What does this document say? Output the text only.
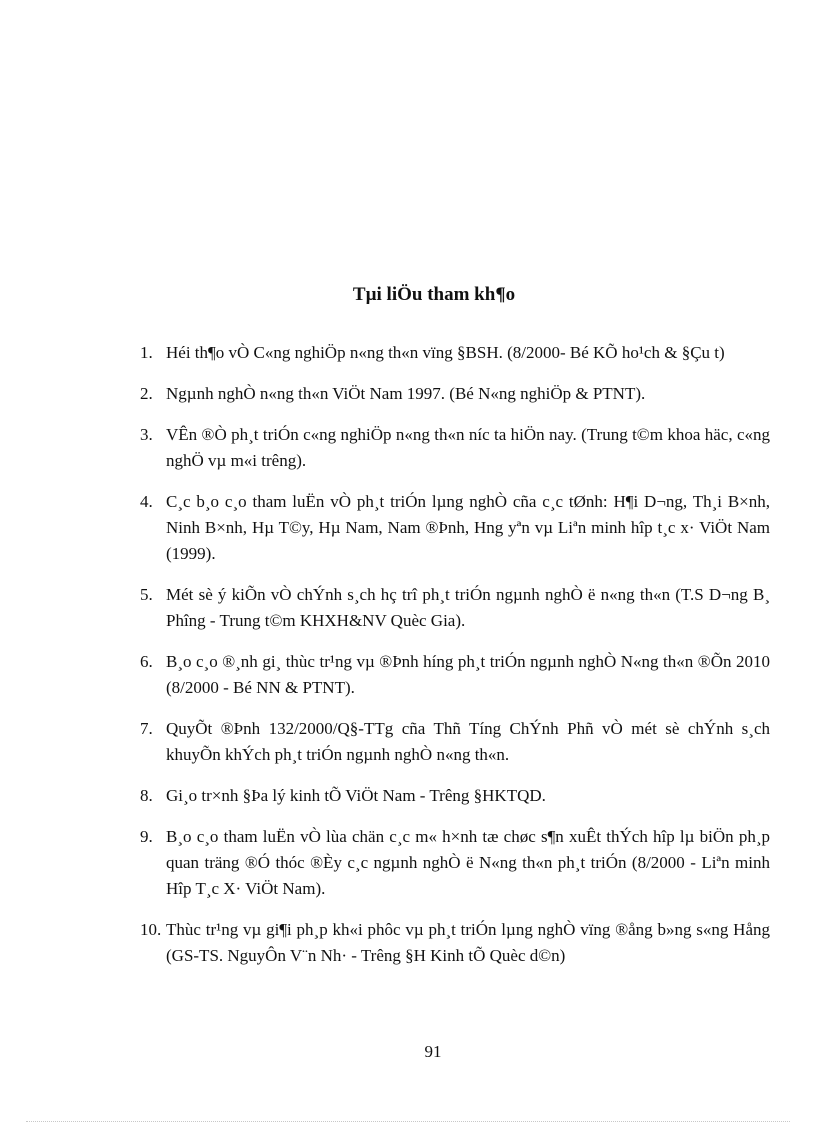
Tµi liÖu tham kh¶o
1. Héi th¶o vÒ C«ng nghiÖp n«ng th«n vïng §BSH. (8/2000- Bé KÕ ho¹ch & §Çu t)
2. Ngµnh nghÒ n«ng th«n ViÖt Nam 1997. (Bé N«ng nghiÖp & PTNT).
3. VÊn ®Ò ph¸t triÓn c«ng nghiÖp n«ng th«n níc ta hiÖn nay. (Trung t©m khoa häc, c«ng nghÖ vµ m«i trêng).
4. C¸c b¸o c¸o tham luËn vÒ ph¸t triÓn lµng nghÒ cña c¸c tØnh: H¶i D¬ng, Th¸i B×nh, Ninh B×nh, Hµ T©y, Hµ Nam, Nam ®Þnh, Hng yªn vµ Liªn minh hîp t¸c x· ViÖt Nam (1999).
5. Mét sè ý kiÕn vÒ chÝnh s¸ch hç trî ph¸t triÓn ngµnh nghÒ ë n«ng th«n (T.S D¬ng B¸ Phîng - Trung t©m KHXH&NV Quèc Gia).
6. B¸o c¸o ®¸nh gi¸ thùc tr¹ng vµ ®Þnh híng ph¸t triÓn ngµnh nghÒ N«ng th«n ®Õn 2010 (8/2000 - Bé NN & PTNT).
7. QuyÕt ®Þnh 132/2000/Q§-TTg cña Thñ Tíng ChÝnh Phñ vÒ mét sè chÝnh s¸ch khuyÕn khÝch ph¸t triÓn ngµnh nghÒ n«ng th«n.
8. Gi¸o tr×nh §Þa lý kinh tÕ ViÖt Nam - Trêng §HKTQD.
9. B¸o c¸o tham luËn vÒ lùa chän c¸c m« h×nh tæ chøc s¶n xuÊt thÝch hîp lµ biÖn ph¸p quan träng ®Ó thóc ®Èy c¸c ngµnh nghÒ ë N«ng th«n ph¸t triÓn (8/2000 - Liªn minh Hîp T¸c X· ViÖt Nam).
10. Thùc tr¹ng vµ gi¶i ph¸p kh«i phôc vµ ph¸t triÓn lµng nghÒ vïng ®ång b»ng s«ng Hång (GS-TS. NguyÔn V¨n Nh· - Trêng §H Kinh tÕ Quèc d©n)
91
